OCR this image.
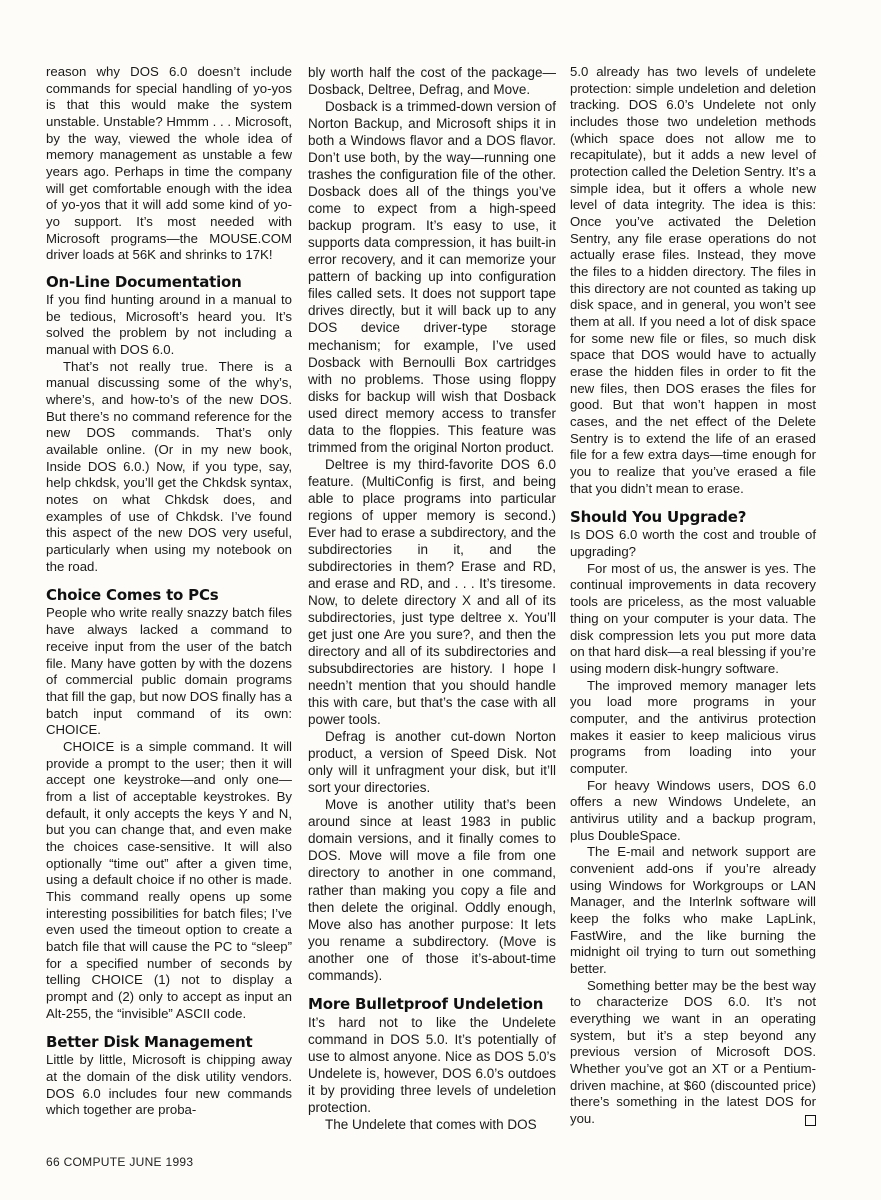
reason why DOS 6.0 doesn’t include commands for special handling of yo-yos is that this would make the system unstable. Unstable? Hmmm . . . Microsoft, by the way, viewed the whole idea of memory management as unstable a few years ago. Perhaps in time the company will get comfortable enough with the idea of yo-yos that it will add some kind of yo-yo support. It’s most needed with Microsoft programs—the MOUSE.COM driver loads at 56K and shrinks to 17K!

On-Line Documentation

If you find hunting around in a manual to be tedious, Microsoft’s heard you. It’s solved the problem by not including a manual with DOS 6.0.

That’s not really true. There is a manual discussing some of the why’s, where’s, and how-to’s of the new DOS. But there’s no command reference for the new DOS commands. That’s only available online. (Or in my new book, Inside DOS 6.0.) Now, if you type, say, help chkdsk, you’ll get the Chkdsk syntax, notes on what Chkdsk does, and examples of use of Chkdsk. I’ve found this aspect of the new DOS very useful, particularly when using my notebook on the road.

Choice Comes to PCs

People who write really snazzy batch files have always lacked a command to receive input from the user of the batch file. Many have gotten by with the dozens of commercial public domain programs that fill the gap, but now DOS finally has a batch input command of its own: CHOICE.

CHOICE is a simple command. It will provide a prompt to the user; then it will accept one keystroke—and only one—from a list of acceptable keystrokes. By default, it only accepts the keys Y and N, but you can change that, and even make the choices case-sensitive. It will also optionally “time out” after a given time, using a default choice if no other is made. This command really opens up some interesting possibilities for batch files; I’ve even used the timeout option to create a batch file that will cause the PC to “sleep” for a specified number of seconds by telling CHOICE (1) not to display a prompt and (2) only to accept as input an Alt-255, the “invisible” ASCII code.

Better Disk Management

Little by little, Microsoft is chipping away at the domain of the disk utility vendors. DOS 6.0 includes four new commands which together are proba-

bly worth half the cost of the package—Dosback, Deltree, Defrag, and Move.

Dosback is a trimmed-down version of Norton Backup, and Microsoft ships it in both a Windows flavor and a DOS flavor. Don’t use both, by the way—running one trashes the configuration file of the other. Dosback does all of the things you’ve come to expect from a high-speed backup program. It’s easy to use, it supports data compression, it has built-in error recovery, and it can memorize your pattern of backing up into configuration files called sets. It does not support tape drives directly, but it will back up to any DOS device driver-type storage mechanism; for example, I’ve used Dosback with Bernoulli Box cartridges with no problems. Those using floppy disks for backup will wish that Dosback used direct memory access to transfer data to the floppies. This feature was trimmed from the original Norton product.

Deltree is my third-favorite DOS 6.0 feature. (MultiConfig is first, and being able to place programs into particular regions of upper memory is second.) Ever had to erase a subdirectory, and the subdirectories in it, and the subdirectories in them? Erase and RD, and erase and RD, and . . . It’s tiresome. Now, to delete directory X and all of its subdirectories, just type deltree x. You’ll get just one Are you sure?, and then the directory and all of its subdirectories and subsubdirectories are history. I hope I needn’t mention that you should handle this with care, but that’s the case with all power tools.

Defrag is another cut-down Norton product, a version of Speed Disk. Not only will it unfragment your disk, but it’ll sort your directories.

Move is another utility that’s been around since at least 1983 in public domain versions, and it finally comes to DOS. Move will move a file from one directory to another in one command, rather than making you copy a file and then delete the original. Oddly enough, Move also has another purpose: It lets you rename a subdirectory. (Move is another one of those it’s-about-time commands).

More Bulletproof Undeletion

It’s hard not to like the Undelete command in DOS 5.0. It’s potentially of use to almost anyone. Nice as DOS 5.0’s Undelete is, however, DOS 6.0’s outdoes it by providing three levels of undeletion protection.

The Undelete that comes with DOS

5.0 already has two levels of undelete protection: simple undeletion and deletion tracking. DOS 6.0’s Undelete not only includes those two undeletion methods (which space does not allow me to recapitulate), but it adds a new level of protection called the Deletion Sentry. It’s a simple idea, but it offers a whole new level of data integrity. The idea is this: Once you’ve activated the Deletion Sentry, any file erase operations do not actually erase files. Instead, they move the files to a hidden directory. The files in this directory are not counted as taking up disk space, and in general, you won’t see them at all. If you need a lot of disk space for some new file or files, so much disk space that DOS would have to actually erase the hidden files in order to fit the new files, then DOS erases the files for good. But that won’t happen in most cases, and the net effect of the Delete Sentry is to extend the life of an erased file for a few extra days—time enough for you to realize that you’ve erased a file that you didn’t mean to erase.

Should You Upgrade?

Is DOS 6.0 worth the cost and trouble of upgrading?

For most of us, the answer is yes. The continual improvements in data recovery tools are priceless, as the most valuable thing on your computer is your data. The disk compression lets you put more data on that hard disk—a real blessing if you’re using modern disk-hungry software.

The improved memory manager lets you load more programs in your computer, and the antivirus protection makes it easier to keep malicious virus programs from loading into your computer.

For heavy Windows users, DOS 6.0 offers a new Windows Undelete, an antivirus utility and a backup program, plus DoubleSpace.

The E-mail and network support are convenient add-ons if you’re already using Windows for Workgroups or LAN Manager, and the Interlnk software will keep the folks who make LapLink, FastWire, and the like burning the midnight oil trying to turn out something better.

Something better may be the best way to characterize DOS 6.0. It’s not everything we want in an operating system, but it’s a step beyond any previous version of Microsoft DOS. Whether you’ve got an XT or a Pentium-driven machine, at $60 (discounted price) there’s something in the latest DOS for you.

66 COMPUTE JUNE 1993
